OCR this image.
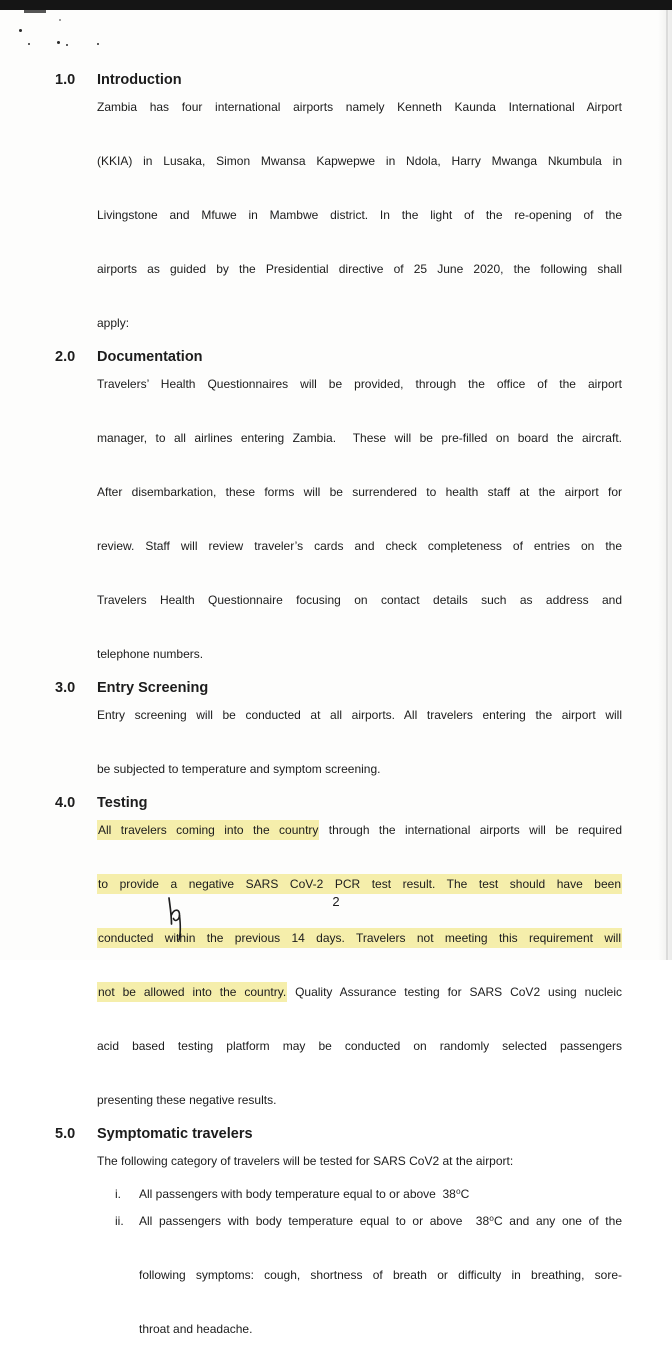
1.0	Introduction
Zambia has four international airports namely Kenneth Kaunda International Airport
(KKIA) in Lusaka, Simon Mwansa Kapwepwe in Ndola, Harry Mwanga Nkumbula in
Livingstone and Mfuwe in Mambwe district. In the light of the re-opening of the
airports as guided by the Presidential directive of 25 June 2020, the following shall
apply:
2.0	Documentation
Travelers’ Health Questionnaires will be provided, through the office of the airport
manager, to all airlines entering Zambia.  These will be pre-filled on board the aircraft.
After disembarkation, these forms will be surrendered to health staff at the airport for
review. Staff will review traveler’s cards and check completeness of entries on the
Travelers Health Questionnaire focusing on contact details such as address and
telephone numbers.
3.0	Entry Screening
Entry screening will be conducted at all airports. All travelers entering the airport will
be subjected to temperature and symptom screening.
4.0	Testing
All travelers coming into the country through the international airports will be required
to provide a negative SARS CoV-2 PCR test result. The test should have been
conducted within the previous 14 days. Travelers not meeting this requirement will
not be allowed into the country. Quality Assurance testing for SARS CoV2 using nucleic
acid based testing platform may be conducted on randomly selected passengers
presenting these negative results.
5.0	Symptomatic travelers
The following category of travelers will be tested for SARS CoV2 at the airport:
i.	All passengers with body temperature equal to or above  38⁰C
ii.	All passengers with body temperature equal to or above  38⁰C and any one of the
following symptoms: cough, shortness of breath or difficulty in breathing, sore-
throat and headache.
2
